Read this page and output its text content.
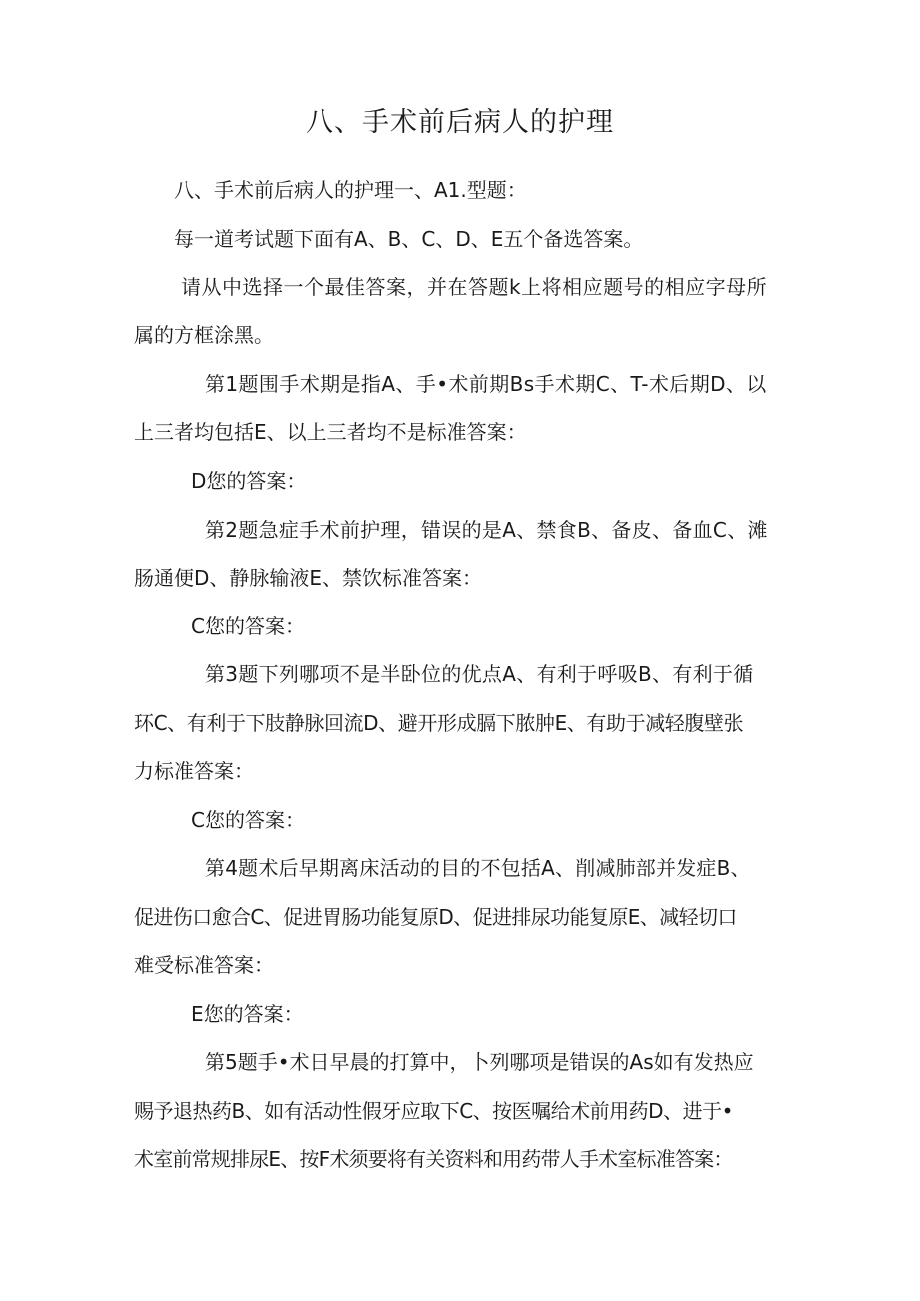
八、手术前后病人的护理
八、手术前后病人的护理一、A1.型题：
每一道考试题下面有A、B、C、D、E五个备选答案。
请从中选择一个最佳答案，并在答题k上将相应题号的相应字母所
属的方框涂黑。
第1题围手术期是指A、手•术前期Bs手术期C、T-术后期D、以
上三者均包括E、以上三者均不是标准答案：
D您的答案：
第2题急症手术前护理，错误的是A、禁食B、备皮、备血C、滩
肠通便D、静脉输液E、禁饮标准答案：
C您的答案：
第3题下列哪项不是半卧位的优点A、有利于呼吸B、有利于循
环C、有利于下肢静脉回流D、避开形成膈下脓肿E、有助于减轻腹壁张
力标准答案：
C您的答案：
第4题术后早期离床活动的目的不包括A、削减肺部并发症B、
促进伤口愈合C、促进胃肠功能复原D、促进排尿功能复原E、减轻切口
难受标准答案：
E您的答案：
第5题手•术日早晨的打算中，卜列哪项是错误的As如有发热应
赐予退热药B、如有活动性假牙应取下C、按医嘱给术前用药D、进于•
术室前常规排尿E、按F术须要将有关资料和用药带人手术室标准答案：
